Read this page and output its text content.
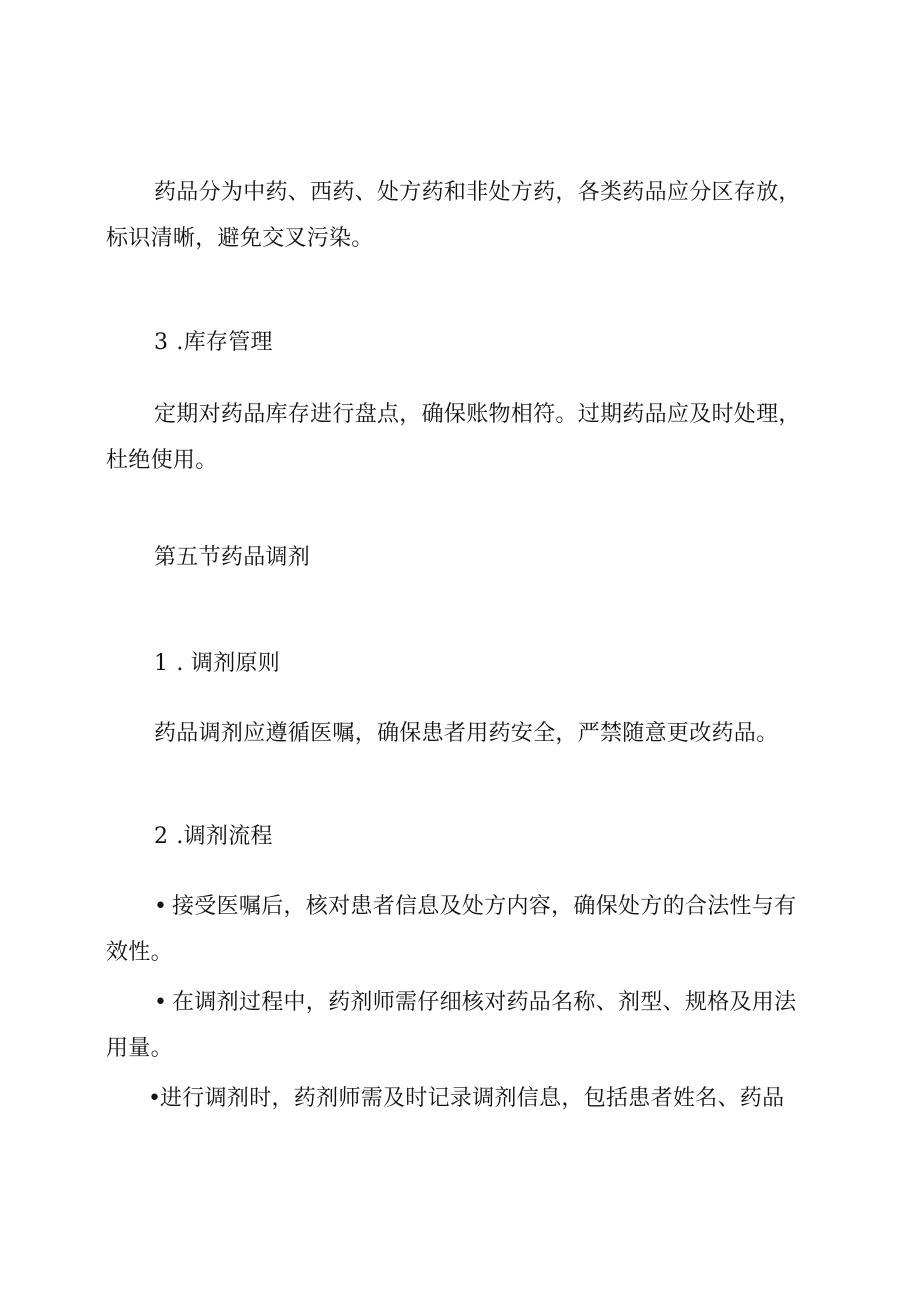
药品分为中药、西药、处方药和非处方药，各类药品应分区存放，标识清晰，避免交叉污染。

3 .库存管理

定期对药品库存进行盘点，确保账物相符。过期药品应及时处理，杜绝使用。

第五节药品调剂

1 . 调剂原则

药品调剂应遵循医嘱，确保患者用药安全，严禁随意更改药品。

2 .调剂流程

• 接受医嘱后，核对患者信息及处方内容，确保处方的合法性与有效性。

• 在调剂过程中，药剂师需仔细核对药品名称、剂型、规格及用法用量。

•进行调剂时，药剂师需及时记录调剂信息，包括患者姓名、药品
